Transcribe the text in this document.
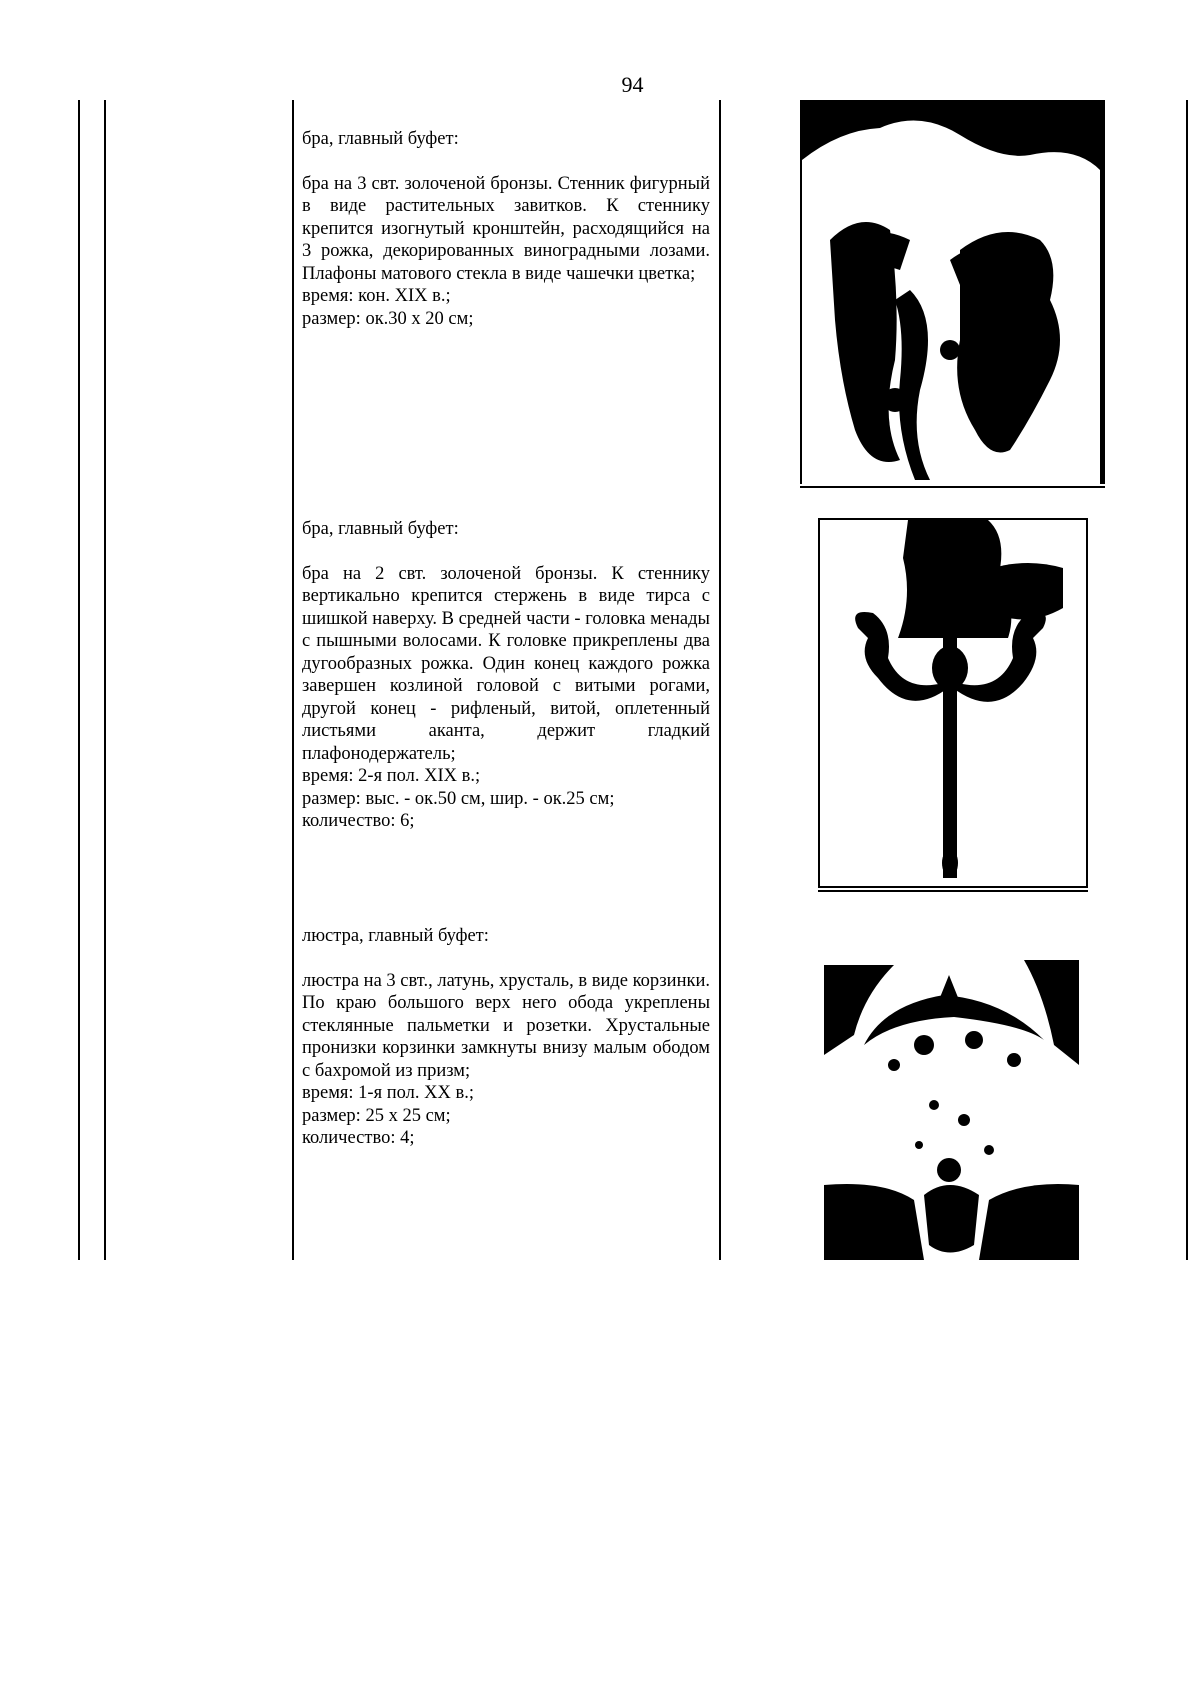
94
бра, главный буфет:

бра на 3 свт. золоченой бронзы. Стенник фигурный в виде растительных завитков. К стеннику крепится изогнутый кронштейн, расходящийся на 3 рожка, декорированных виноградными лозами. Плафоны матового стекла в виде чашечки цветка;

время: кон. XIX в.;
размер: ок.30 х 20 см;
бра, главный буфет:

бра на 2 свт. золоченой бронзы. К стеннику вертикально крепится стержень в виде тирса с шишкой наверху. В средней части - головка менады с пышными волосами. К головке прикреплены два дугообразных рожка. Один конец каждого рожка завершен козлиной головой с витыми рогами, другой конец - рифленый, витой, оплетенный листьями аканта, держит гладкий плафонодержатель;

время: 2-я пол. XIX в.;
размер: выс. - ок.50 см, шир. - ок.25 см;
количество: 6;
люстра, главный буфет:

люстра на 3 свт., латунь, хрусталь, в виде корзинки. По краю большого верх него обода укреплены стеклянные пальметки и розетки. Хрустальные пронизки корзинки замкнуты внизу малым ободом с бахромой из призм;

время: 1-я пол. XX в.;
размер: 25 х 25 см;
количество: 4;
